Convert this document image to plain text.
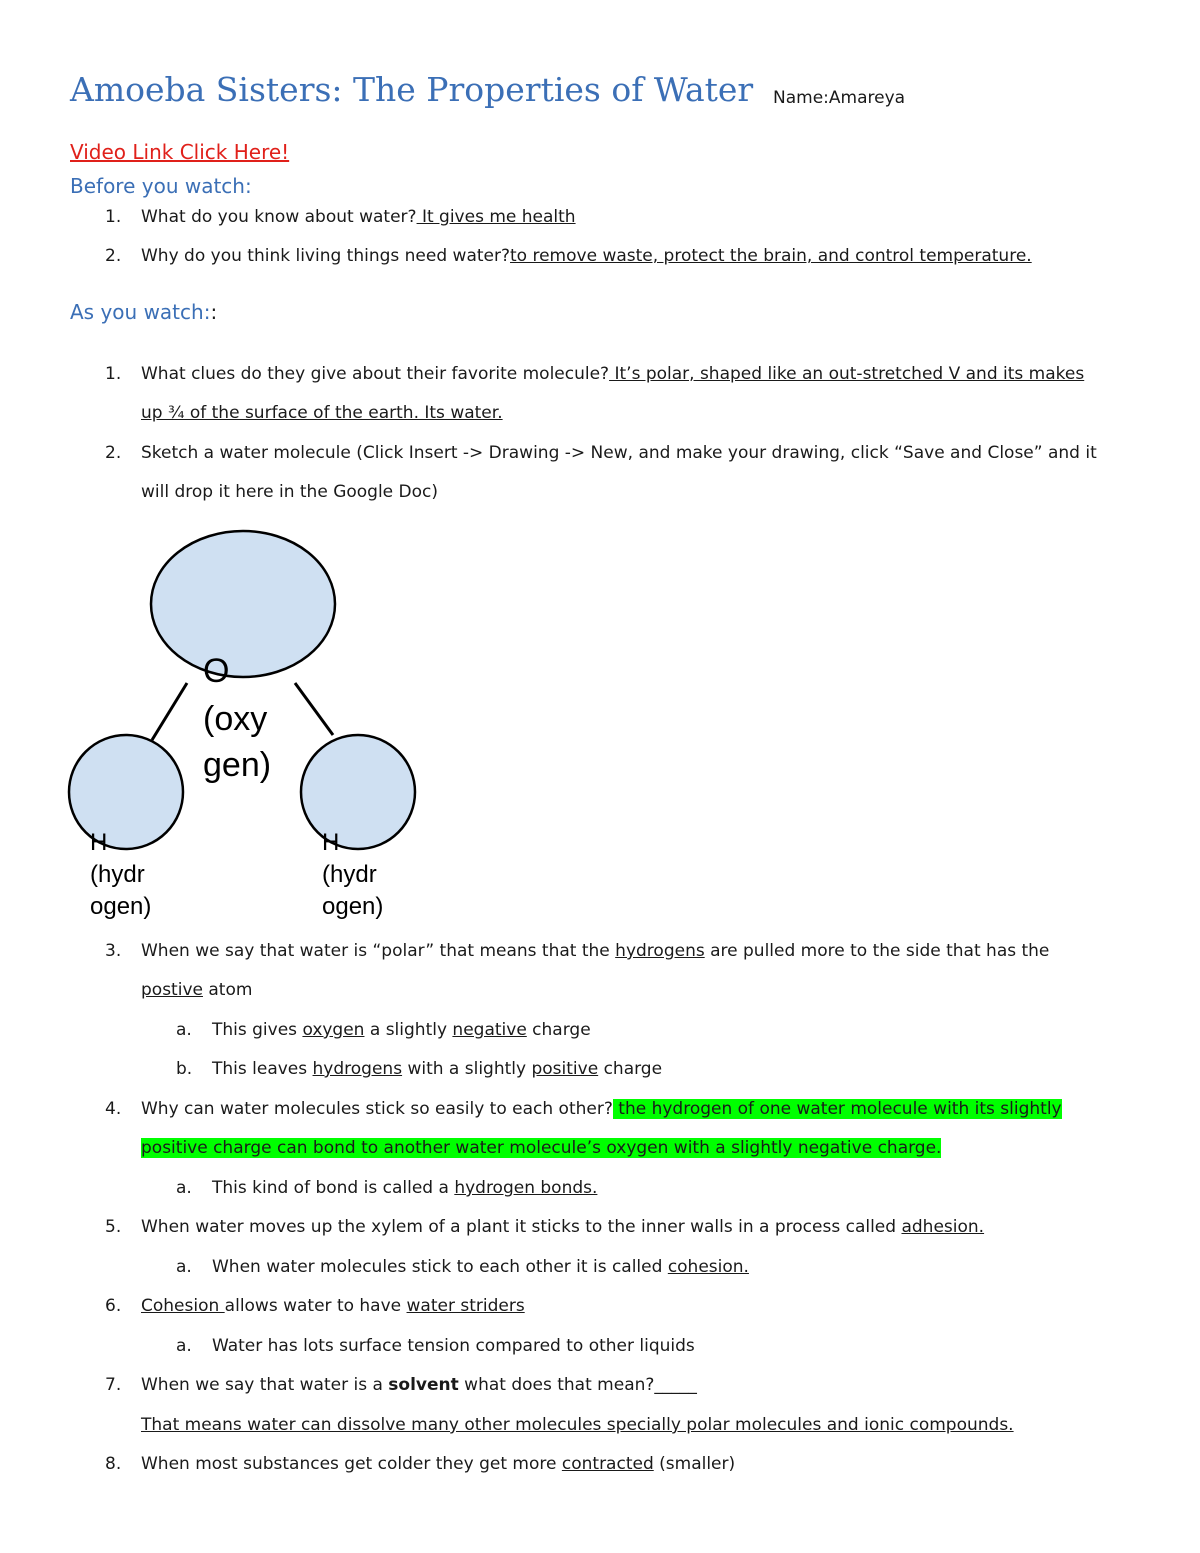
Amoeba Sisters: The Properties of Water Name:Amareya
Video Link Click Here!
Before you watch:
1. What do you know about water? It gives me health
2. Why do you think living things need water?to remove waste, protect the brain, and control temperature.
As you watch::
1. What clues do they give about their favorite molecule? It’s polar, shaped like an out-stretched V and its makes
up ¾ of the surface of the earth. Its water.
2. Sketch a water molecule (Click Insert -> Drawing -> New, and make your drawing, click “Save and Close” and it
will drop it here in the Google Doc)
O
(oxy
gen)
H
(hydr
ogen)
H
(hydr
ogen)
3. When we say that water is “polar” that means that the hydrogens are pulled more to the side that has the
postive atom
a. This gives oxygen a slightly negative charge
b. This leaves hydrogens with a slightly positive charge
4. Why can water molecules stick so easily to each other? the hydrogen of one water molecule with its slightly
positive charge can bond to another water molecule’s oxygen with a slightly negative charge.
a. This kind of bond is called a hydrogen bonds.
5. When water moves up the xylem of a plant it sticks to the inner walls in a process called adhesion.
a. When water molecules stick to each other it is called cohesion.
6. Cohesion allows water to have water striders
a. Water has lots surface tension compared to other liquids
7. When we say that water is a solvent what does that mean?_____
That means water can dissolve many other molecules specially polar molecules and ionic compounds.
8. When most substances get colder they get more contracted (smaller)
